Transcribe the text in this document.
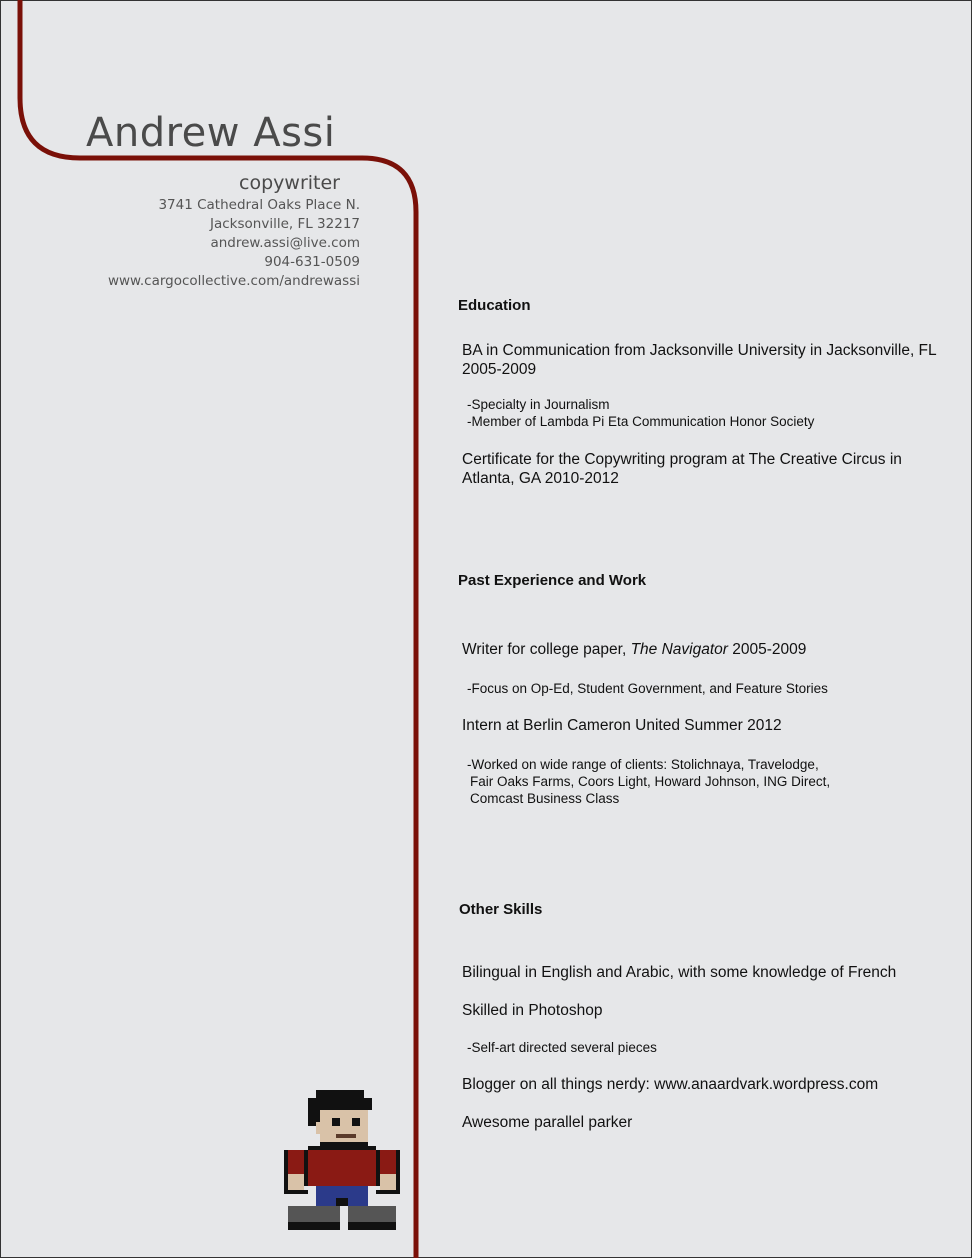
Andrew Assi
copywriter
3741 Cathedral Oaks Place N.
Jacksonville, FL 32217
andrew.assi@live.com
904-631-0509
www.cargocollective.com/andrewassi
Education
BA in Communication from Jacksonville University in Jacksonville, FL 2005-2009
-Specialty in Journalism
-Member of Lambda Pi Eta Communication Honor Society
Certificate for the Copywriting program at The Creative Circus in Atlanta, GA 2010-2012
Past Experience and Work
Writer for college paper, The Navigator 2005-2009
-Focus on Op-Ed, Student Government, and Feature Stories
Intern at Berlin Cameron United Summer 2012
-Worked on wide range of clients: Stolichnaya, Travelodge,
Fair Oaks Farms, Coors Light, Howard Johnson, ING Direct,
Comcast Business Class
Other Skills
Bilingual in English and Arabic, with some knowledge of French
Skilled in Photoshop
-Self-art directed several pieces
Blogger on all things nerdy: www.anaardvark.wordpress.com
Awesome parallel parker
